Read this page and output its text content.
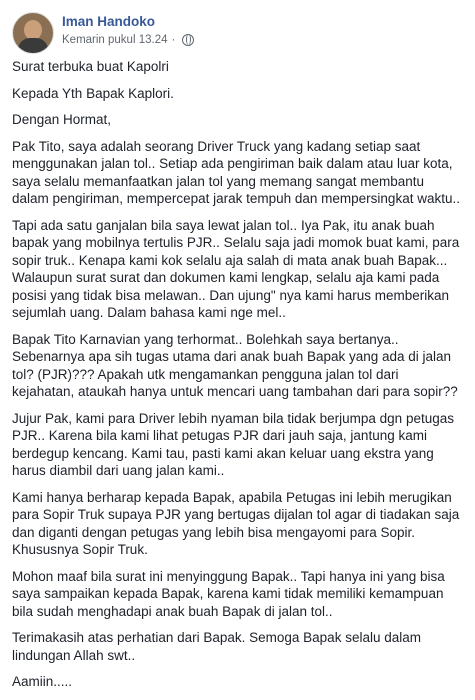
Iman Handoko
Kemarin pukul 13.24 ·

Surat terbuka buat Kapolri

Kepada Yth Bapak Kaplori.

Dengan Hormat,

Pak Tito, saya adalah seorang Driver Truck yang kadang setiap saat menggunakan jalan tol.. Setiap ada pengiriman baik dalam atau luar kota, saya selalu memanfaatkan jalan tol yang memang sangat membantu dalam pengiriman, mempercepat jarak tempuh dan mempersingkat waktu..

Tapi ada satu ganjalan bila saya lewat jalan tol.. Iya Pak, itu anak buah bapak yang mobilnya tertulis PJR.. Selalu saja jadi momok buat kami, para sopir truk.. Kenapa kami kok selalu aja salah di mata anak buah Bapak... Walaupun surat surat dan dokumen kami lengkap, selalu aja kami pada posisi yang tidak bisa melawan.. Dan ujung" nya kami harus memberikan sejumlah uang. Dalam bahasa kami nge mel..

Bapak Tito Karnavian yang terhormat.. Bolehkah saya bertanya.. Sebenarnya apa sih tugas utama dari anak buah Bapak yang ada di jalan tol? (PJR)??? Apakah utk mengamankan pengguna jalan tol dari kejahatan, ataukah hanya untuk mencari uang tambahan dari para sopir??

Jujur Pak, kami para Driver lebih nyaman bila tidak berjumpa dgn petugas PJR.. Karena bila kami lihat petugas PJR dari jauh saja, jantung kami berdegup kencang. Kami tau, pasti kami akan keluar uang ekstra yang harus diambil dari uang jalan kami..

Kami hanya berharap kepada Bapak, apabila Petugas ini lebih merugikan para Sopir Truk supaya PJR yang bertugas dijalan tol agar di tiadakan saja dan diganti dengan petugas yang lebih bisa mengayomi para Sopir. Khususnya Sopir Truk.

Mohon maaf bila surat ini menyinggung Bapak.. Tapi hanya ini yang bisa saya sampaikan kepada Bapak, karena kami tidak memiliki kemampuan bila sudah menghadapi anak buah Bapak di jalan tol..

Terimakasih atas perhatian dari Bapak. Semoga Bapak selalu dalam lindungan Allah swt..

Aamiin.....
